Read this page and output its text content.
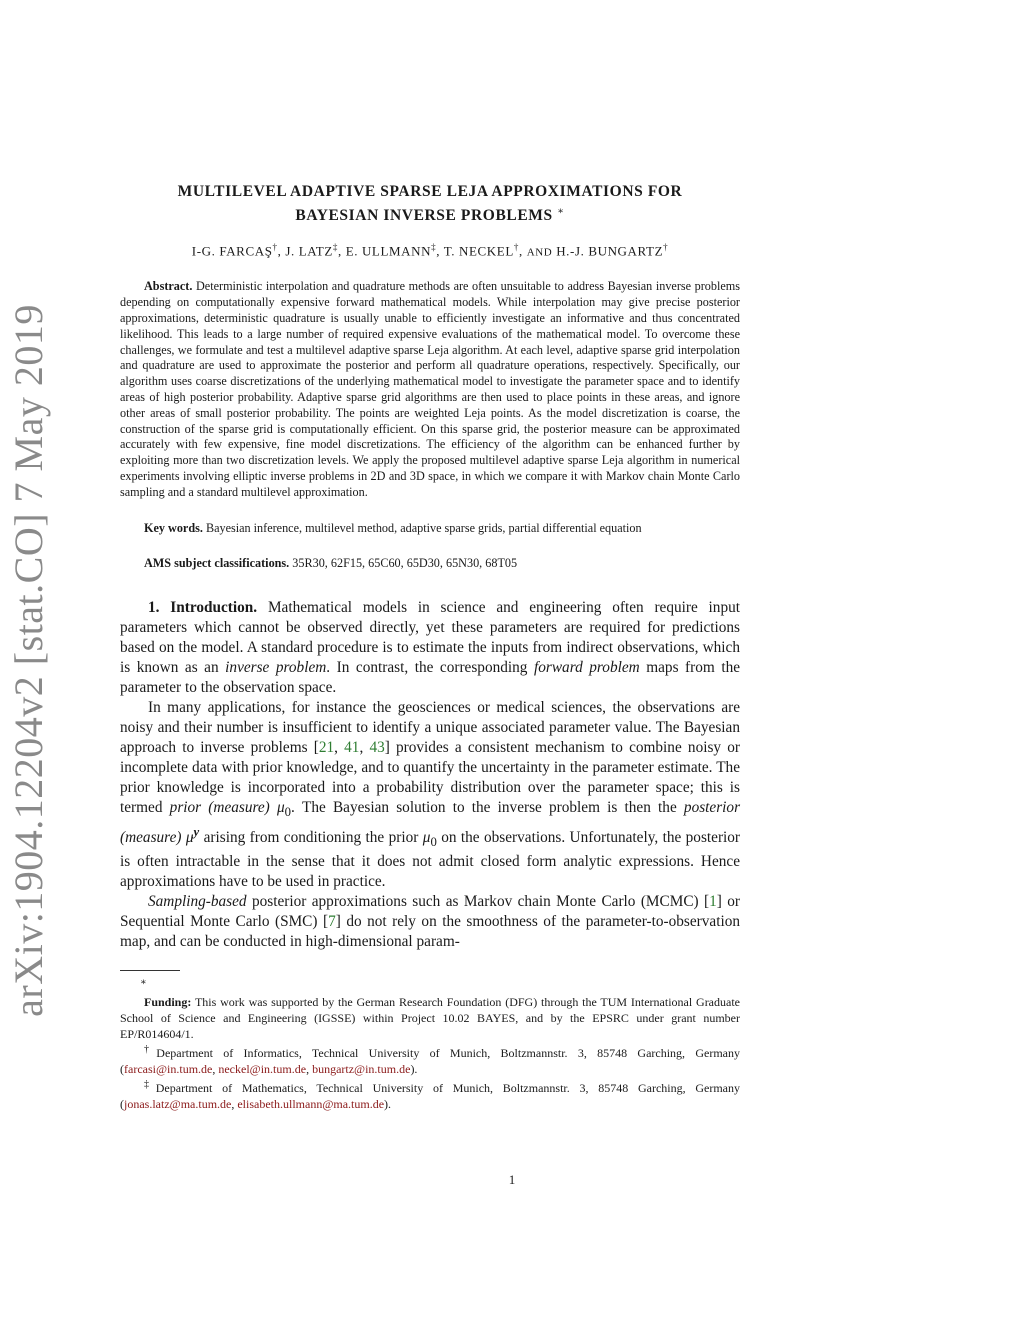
arXiv:1904.12204v2 [stat.CO] 7 May 2019
MULTILEVEL ADAPTIVE SPARSE LEJA APPROXIMATIONS FOR
BAYESIAN INVERSE PROBLEMS ∗
I-G. FARCAŞ†, J. LATZ‡, E. ULLMANN‡, T. NECKEL†, AND H.-J. BUNGARTZ†
Abstract. Deterministic interpolation and quadrature methods are often unsuitable to address Bayesian inverse problems depending on computationally expensive forward mathematical models. While interpolation may give precise posterior approximations, deterministic quadrature is usually unable to efficiently investigate an informative and thus concentrated likelihood. This leads to a large number of required expensive evaluations of the mathematical model. To overcome these challenges, we formulate and test a multilevel adaptive sparse Leja algorithm. At each level, adaptive sparse grid interpolation and quadrature are used to approximate the posterior and perform all quadrature operations, respectively. Specifically, our algorithm uses coarse discretizations of the underlying mathematical model to investigate the parameter space and to identify areas of high posterior probability. Adaptive sparse grid algorithms are then used to place points in these areas, and ignore other areas of small posterior probability. The points are weighted Leja points. As the model discretization is coarse, the construction of the sparse grid is computationally efficient. On this sparse grid, the posterior measure can be approximated accurately with few expensive, fine model discretizations. The efficiency of the algorithm can be enhanced further by exploiting more than two discretization levels. We apply the proposed multilevel adaptive sparse Leja algorithm in numerical experiments involving elliptic inverse problems in 2D and 3D space, in which we compare it with Markov chain Monte Carlo sampling and a standard multilevel approximation.
Key words. Bayesian inference, multilevel method, adaptive sparse grids, partial differential equation
AMS subject classifications. 35R30, 62F15, 65C60, 65D30, 65N30, 68T05

1. Introduction. Mathematical models in science and engineering often require input parameters which cannot be observed directly, yet these parameters are required for predictions based on the model. A standard procedure is to estimate the inputs from indirect observations, which is known as an inverse problem. In contrast, the corresponding forward problem maps from the parameter to the observation space.

In many applications, for instance the geosciences or medical sciences, the observations are noisy and their number is insufficient to identify a unique associated parameter value. The Bayesian approach to inverse problems [21, 41, 43] provides a consistent mechanism to combine noisy or incomplete data with prior knowledge, and to quantify the uncertainty in the parameter estimate. The prior knowledge is incorporated into a probability distribution over the parameter space; this is termed prior (measure) $\mu_0$. The Bayesian solution to the inverse problem is then the posterior (measure) $\mu^y$ arising from conditioning the prior $\mu_0$ on the observations. Unfortunately, the posterior is often intractable in the sense that it does not admit closed form analytic expressions. Hence approximations have to be used in practice.

Sampling-based posterior approximations such as Markov chain Monte Carlo (MCMC) [1] or Sequential Monte Carlo (SMC) [7] do not rely on the smoothness of the parameter-to-observation map, and can be conducted in high-dimensional param-

∗

Funding: This work was supported by the German Research Foundation (DFG) through the TUM International Graduate School of Science and Engineering (IGSSE) within Project 10.02 BAYES, and by the EPSRC under grant number EP/R014604/1.

†Department of Informatics, Technical University of Munich, Boltzmannstr. 3, 85748 Garching, Germany (farcasi@in.tum.de, neckel@in.tum.de, bungartz@in.tum.de).

‡Department of Mathematics, Technical University of Munich, Boltzmannstr. 3, 85748 Garching, Germany (jonas.latz@ma.tum.de, elisabeth.ullmann@ma.tum.de).

1
